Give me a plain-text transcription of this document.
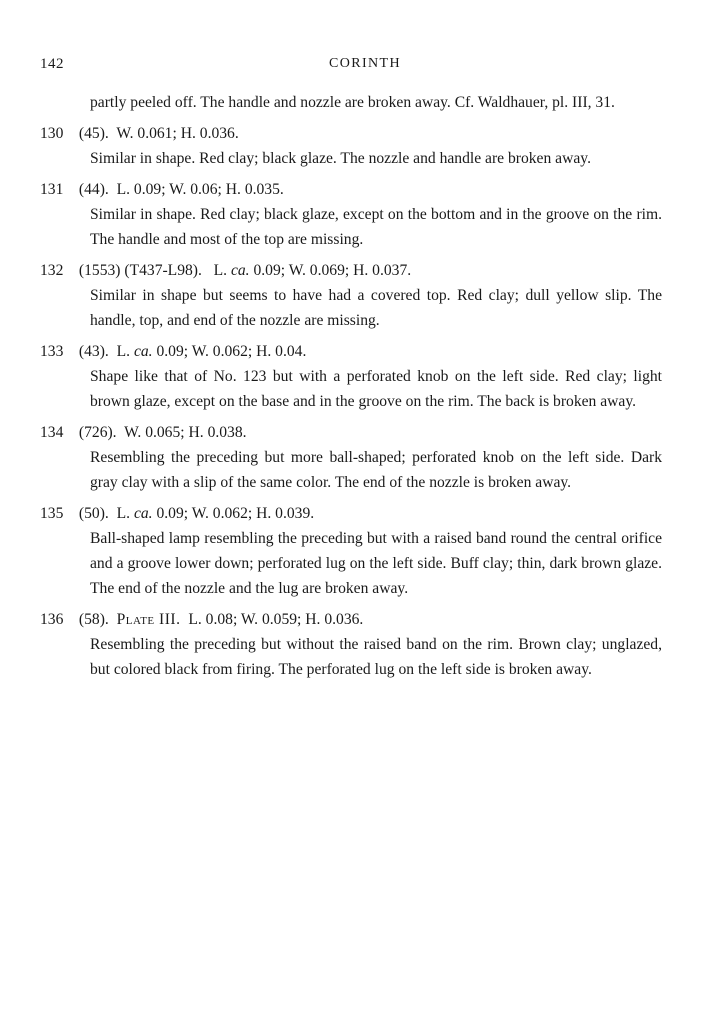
142	CORINTH

partly peeled off. The handle and nozzle are broken away. Cf. Waldhauer, pl. III, 31.

130 (45). W. 0.061; H. 0.036.

Similar in shape. Red clay; black glaze. The nozzle and handle are broken away.

131 (44). L. 0.09; W. 0.06; H. 0.035.

Similar in shape. Red clay; black glaze, except on the bottom and in the groove on the rim. The handle and most of the top are missing.

132 (1553) (T437-L98). L. ca. 0.09; W. 0.069; H. 0.037.

Similar in shape but seems to have had a covered top. Red clay; dull yellow slip. The handle, top, and end of the nozzle are missing.

133 (43). L. ca. 0.09; W. 0.062; H. 0.04.

Shape like that of No. 123 but with a perforated knob on the left side. Red clay; light brown glaze, except on the base and in the groove on the rim. The back is broken away.

134 (726). W. 0.065; H. 0.038.

Resembling the preceding but more ball-shaped; perforated knob on the left side. Dark gray clay with a slip of the same color. The end of the nozzle is broken away.

135 (50). L. ca. 0.09; W. 0.062; H. 0.039.

Ball-shaped lamp resembling the preceding but with a raised band round the central orifice and a groove lower down; perforated lug on the left side. Buff clay; thin, dark brown glaze. The end of the nozzle and the lug are broken away.

136 (58). Plate III. L. 0.08; W. 0.059; H. 0.036.

Resembling the preceding but without the raised band on the rim. Brown clay; unglazed, but colored black from firing. The perforated lug on the left side is broken away.
